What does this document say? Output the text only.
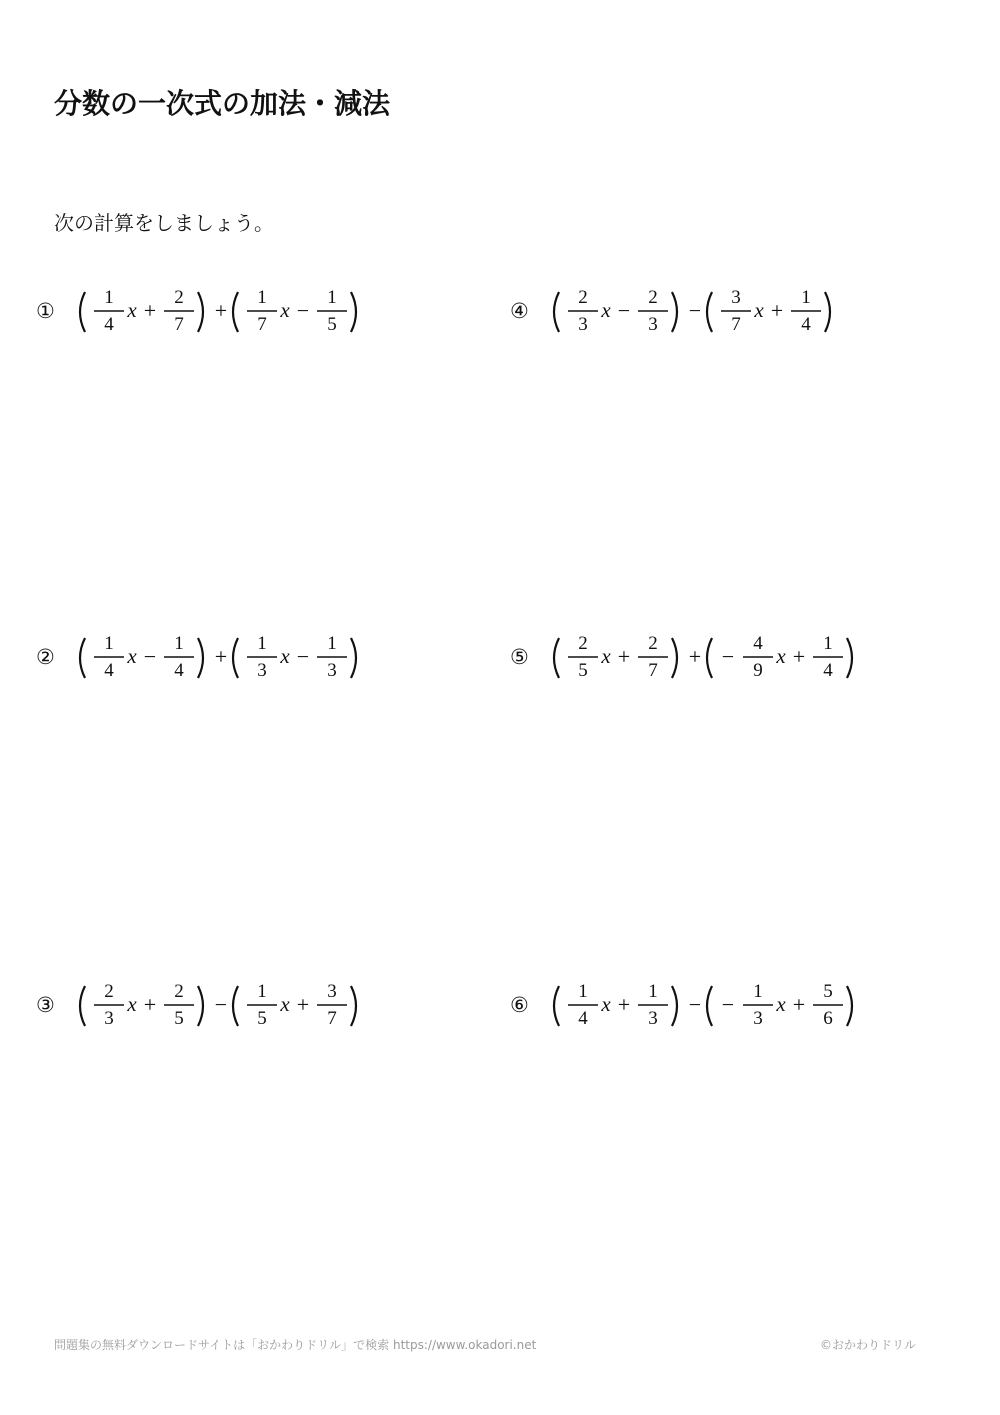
分数の一次式の加法・減法
次の計算をしましょう。
①
1
4
x +
2
7
+
1
7
x −
1
5
②
1
4
x −
1
4
+
1
3
x −
1
3
③
2
3
x +
2
5
−
1
5
x +
3
7
④
2
3
x −
2
3
−
3
7
x +
1
4
⑤
2
5
x +
2
7
+ −
4
9
x +
1
4
⑥
1
4
x +
1
3
− −
1
3
x +
5
6
問題集の無料ダウンロードサイトは「おかわりドリル」で検索 https://www.okadori.net	©おかわりドリル
